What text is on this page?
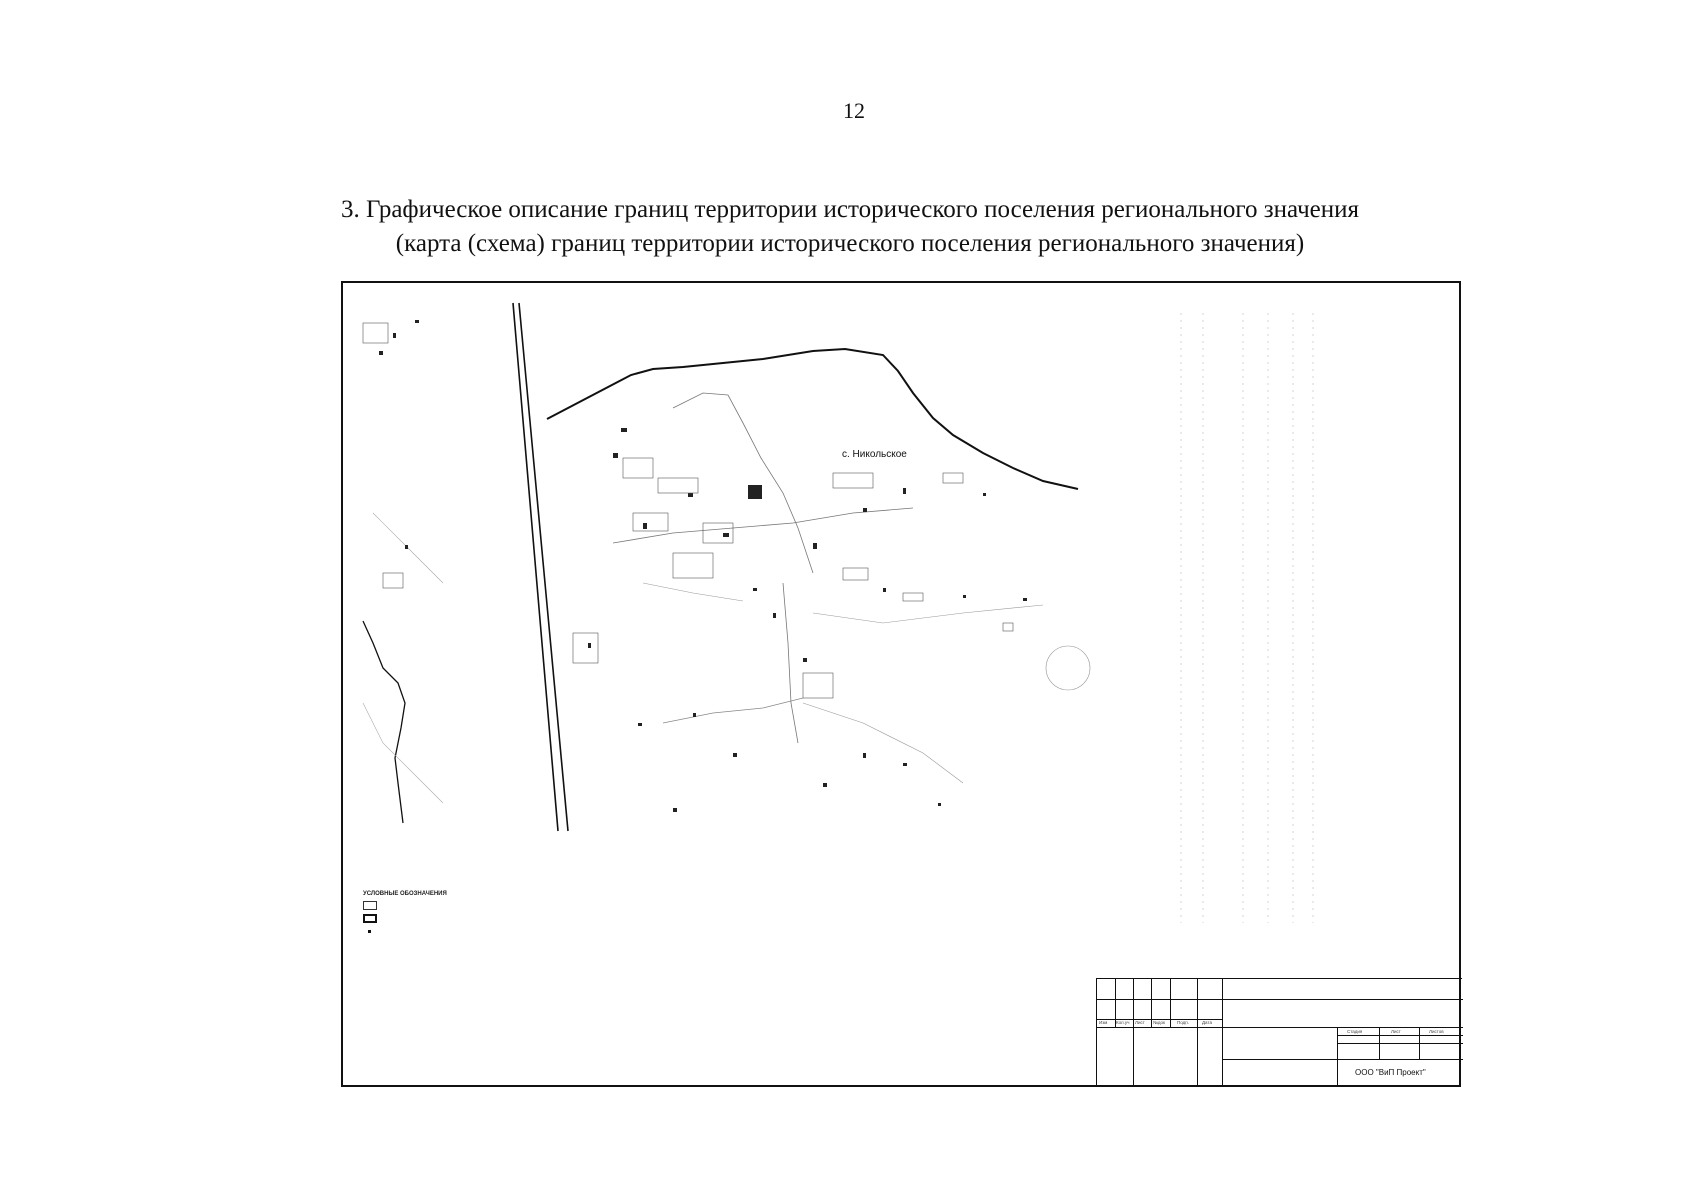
12
3. Графическое описание границ территории исторического поселения регионального значения
(карта (схема) границ территории исторического поселения регионального значения)
с. Никольское
УСЛОВНЫЕ ОБОЗНАЧЕНИЯ
Изм Кол.уч Лист №док	Подп.	Дата
Стадия	Лист	Листов
ООО "ВиП Проект"
